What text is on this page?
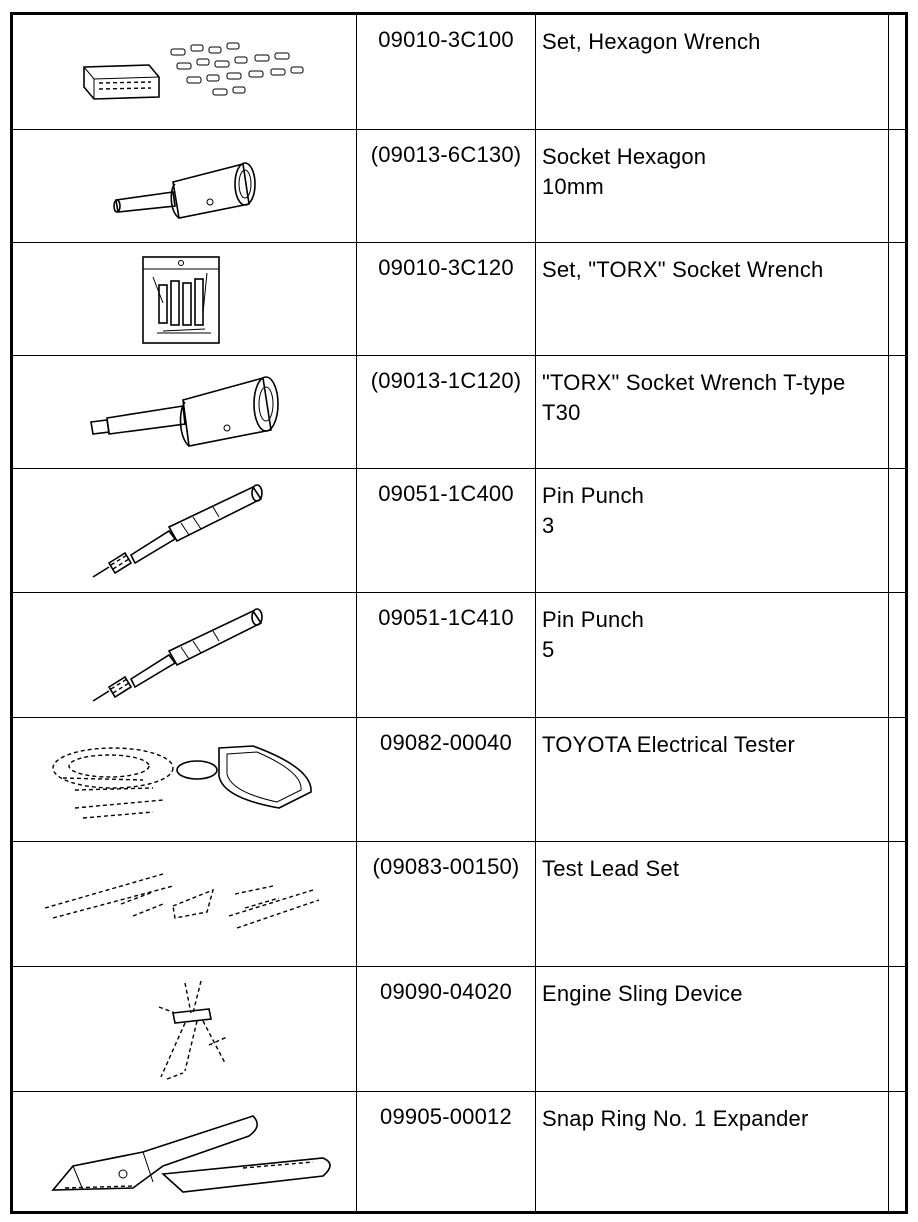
09010-3C100	Set, Hexagon Wrench	

(09013-6C130)	Socket Hexagon
10mm	

09010-3C120	Set, "TORX" Socket Wrench	

(09013-1C120)	"TORX" Socket Wrench T-type
T30	

09051-1C400	Pin Punch
3	

09051-1C410	Pin Punch
5	

09082-00040	TOYOTA Electrical Tester	

(09083-00150)	Test Lead Set	

09090-04020	Engine Sling Device	

09905-00012	Snap Ring No. 1 Expander	
